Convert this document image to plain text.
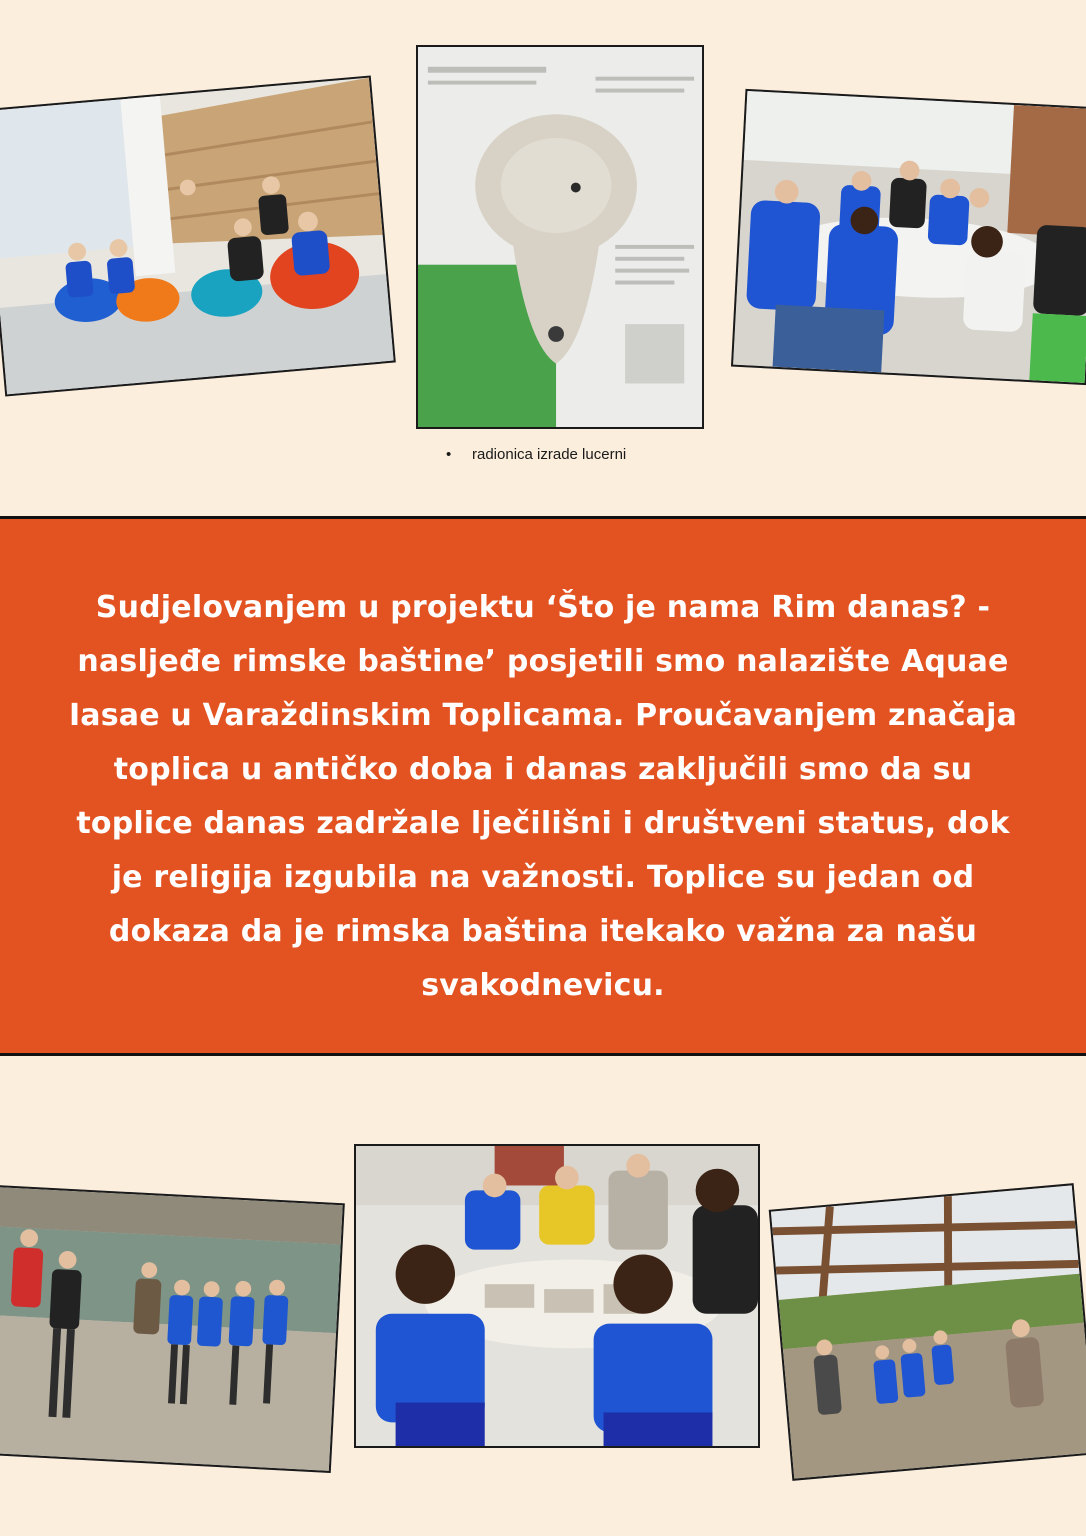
• radionica izrade lucerni
Sudjelovanjem u projektu ‘Što je nama Rim danas? - nasljeđe rimske baštine’ posjetili smo nalazište Aquae Iasae u Varaždinskim Toplicama. Proučavanjem značaja toplica u antičko doba i danas zaključili smo da su toplice danas zadržale lječilišni i društveni status, dok je religija izgubila na važnosti. Toplice su jedan od dokaza da je rimska baština itekako važna za našu svakodnevicu.
